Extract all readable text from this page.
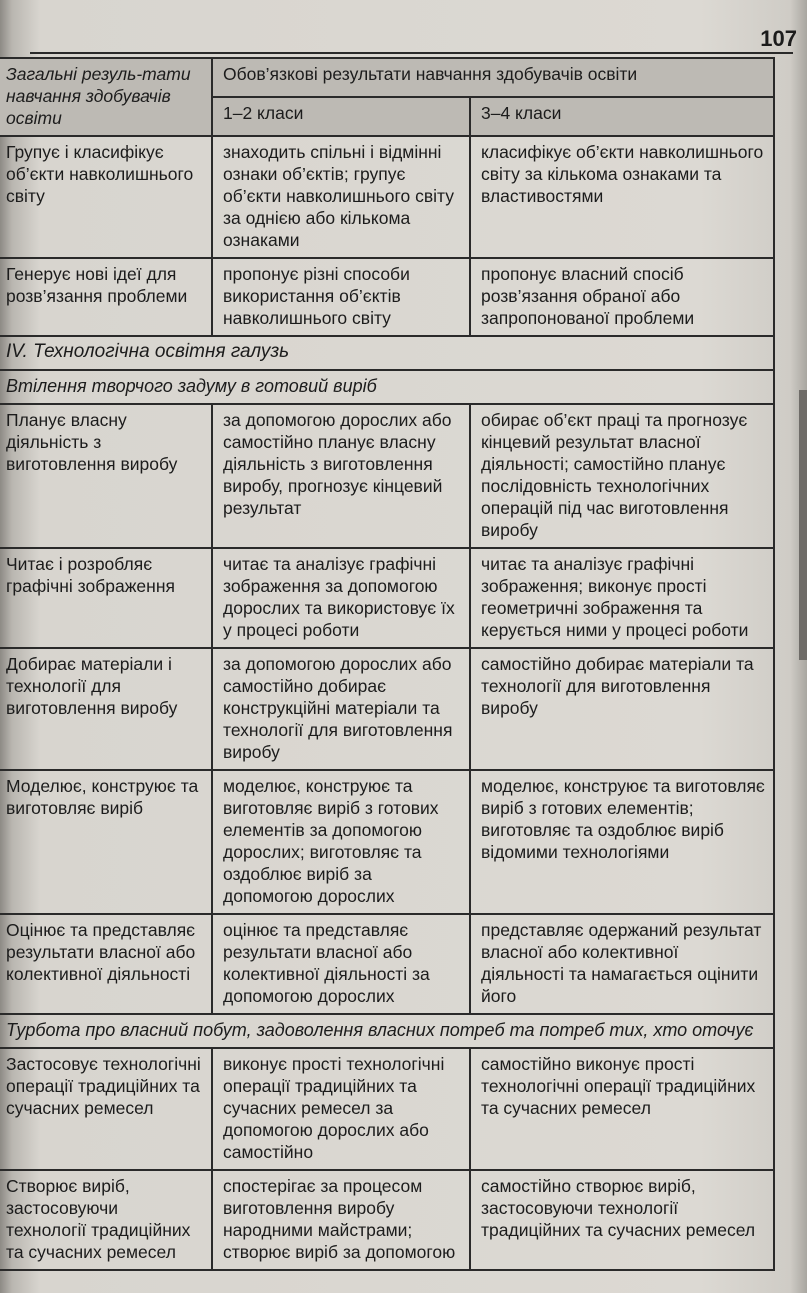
107
Загальні резуль-тати навчання здобувачів освіти	Обов’язкові результати навчання здобувачів освіти	
	1–2 класи	3–4 класи
Групує і класифікує об’єкти навколишнього світу	знаходить спільні і відмінні ознаки об’єктів; групує об’єкти навколишнього світу за однією або кількома ознаками	класифікує об’єкти навколишнього світу за кількома ознаками та властивостями
Генерує нові ідеї для розв’язання проблеми	пропонує різні способи використання об’єктів навколишнього світу	пропонує власний спосіб розв’язання обраної або запропонованої проблеми
IV. Технологічна освітня галузь		
Втілення творчого задуму в готовий виріб		
Планує власну діяльність з виготовлення виробу	за допомогою дорослих або самостійно планує власну діяльність з виготовлення виробу, прогнозує кінцевий результат	обирає об’єкт праці та прогнозує кінцевий результат власної діяльності; самостійно планує послідовність технологічних операцій під час виготовлення виробу
Читає і розробляє графічні зображення	читає та аналізує графічні зображення за допомогою дорослих та використовує їх у процесі роботи	читає та аналізує графічні зображення; виконує прості геометричні зображення та керується ними у процесі роботи
Добирає матеріали і технології для виготовлення виробу	за допомогою дорослих або самостійно добирає конструкційні матеріали та технології для виготовлення виробу	самостійно добирає матеріали та технології для виготовлення виробу
Моделює, конструює та виготовляє виріб	моделює, конструює та виготовляє виріб з готових елементів за допомогою дорослих; виготовляє та оздоблює виріб за допомогою дорослих	моделює, конструює та виготовляє виріб з готових елементів; виготовляє та оздоблює виріб відомими технологіями
Оцінює та представляє результати власної або колективної діяльності	оцінює та представляє результати власної або колективної діяльності за допомогою дорослих	представляє одержаний результат власної або колективної діяльності та намагається оцінити його
Турбота про власний побут, задоволення власних потреб та потреб тих, хто оточує		
Застосовує технологічні операції традиційних та сучасних ремесел	виконує прості технологічні операції традиційних та сучасних ремесел за допомогою дорослих або самостійно	самостійно виконує прості технологічні операції традиційних та сучасних ремесел
Створює виріб, застосовуючи технології традиційних та сучасних ремесел	спостерігає за процесом виготовлення виробу народними майстрами; створює виріб за допомогою	самостійно створює виріб, застосовуючи технології традиційних та сучасних ремесел
